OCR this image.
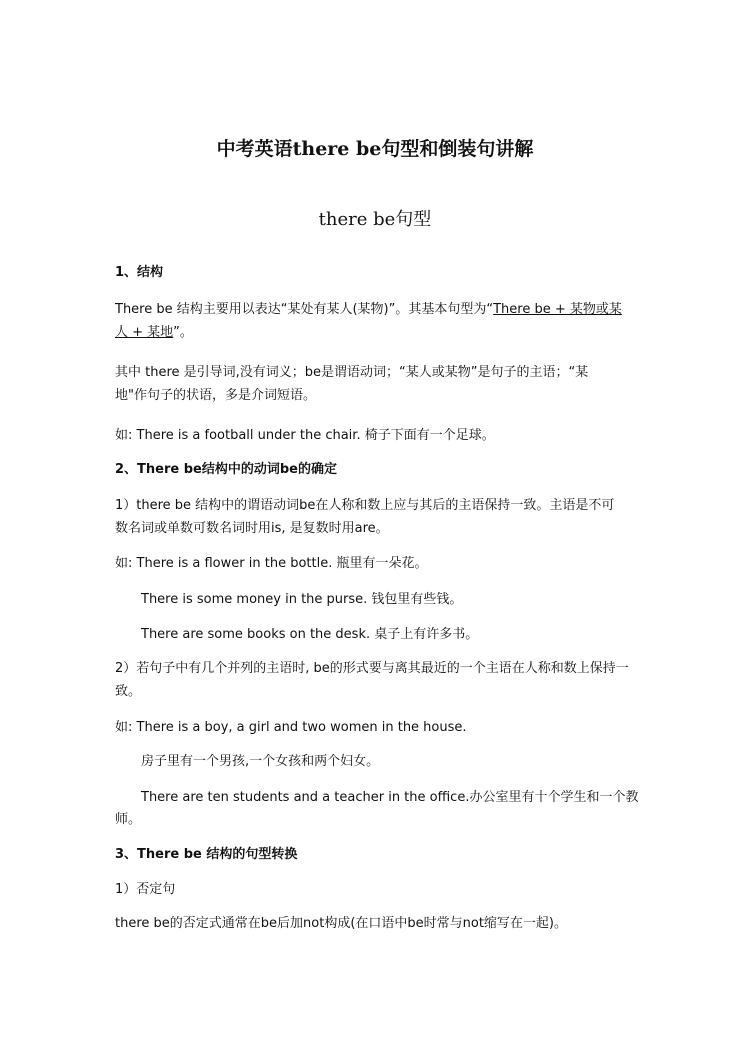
中考英语there be句型和倒装句讲解
there be句型
1、结构
There be 结构主要用以表达“某处有某人(某物)”。其基本句型为“There be + 某物或某
人 + 某地”。
其中 there 是引导词,没有词义；be是谓语动词；“某人或某物”是句子的主语；“某
地"作句子的状语，多是介词短语。
如: There is a football under the chair. 椅子下面有一个足球。
2、There be结构中的动词be的确定
1）there be 结构中的谓语动词be在人称和数上应与其后的主语保持一致。主语是不可
数名词或单数可数名词时用is, 是复数时用are。
如: There is a flower in the bottle. 瓶里有一朵花。
There is some money in the purse. 钱包里有些钱。
There are some books on the desk. 桌子上有许多书。
2）若句子中有几个并列的主语时, be的形式要与离其最近的一个主语在人称和数上保持一
致。
如: There is a boy, a girl and two women in the house.
房子里有一个男孩,一个女孩和两个妇女。
There are ten students and a teacher in the office.办公室里有十个学生和一个教
师。
3、There be 结构的句型转换
1）否定句
there be的否定式通常在be后加not构成(在口语中be时常与not缩写在一起)。
